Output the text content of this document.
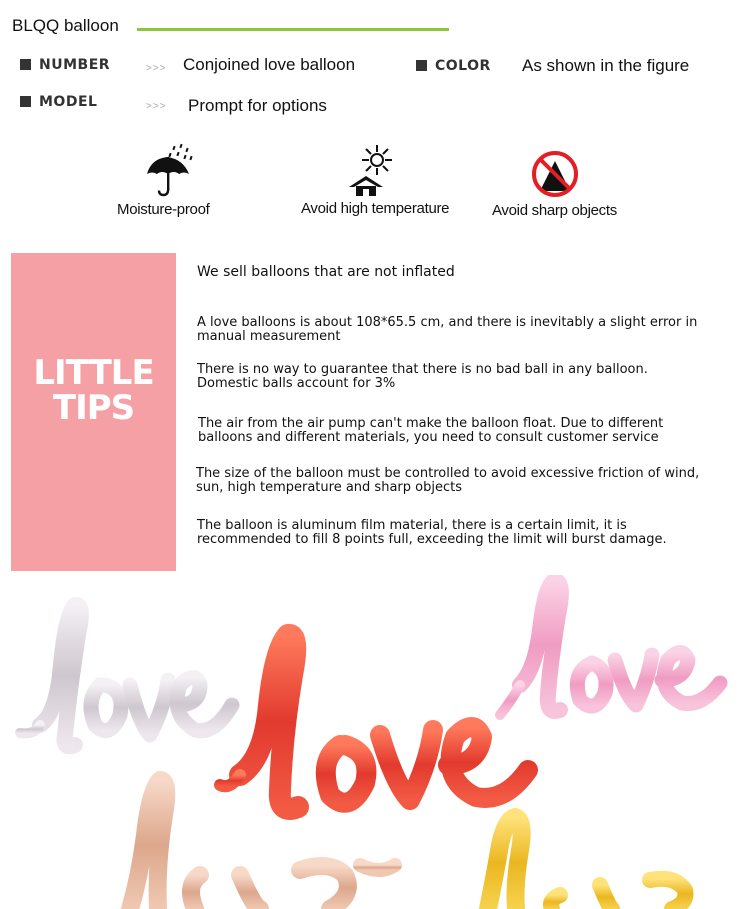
BLQQ balloon
NUMBER	>>> Conjoined love balloon	COLOR As shown in the figure
MODEL	>>> Prompt for options
Moisture-proof	Avoid high temperature	Avoid sharp objects
LITTLE
TIPS
We sell balloons that are not inflated
A love balloons is about 108*65.5 cm, and there is inevitably a slight error in
manual measurement
There is no way to guarantee that there is no bad ball in any balloon.
Domestic balls account for 3%
The air from the air pump can't make the balloon float. Due to different
balloons and different materials, you need to consult customer service
The size of the balloon must be controlled to avoid excessive friction of wind,
sun, high temperature and sharp objects
The balloon is aluminum film material, there is a certain limit, it is
recommended to fill 8 points full, exceeding the limit will burst damage.
